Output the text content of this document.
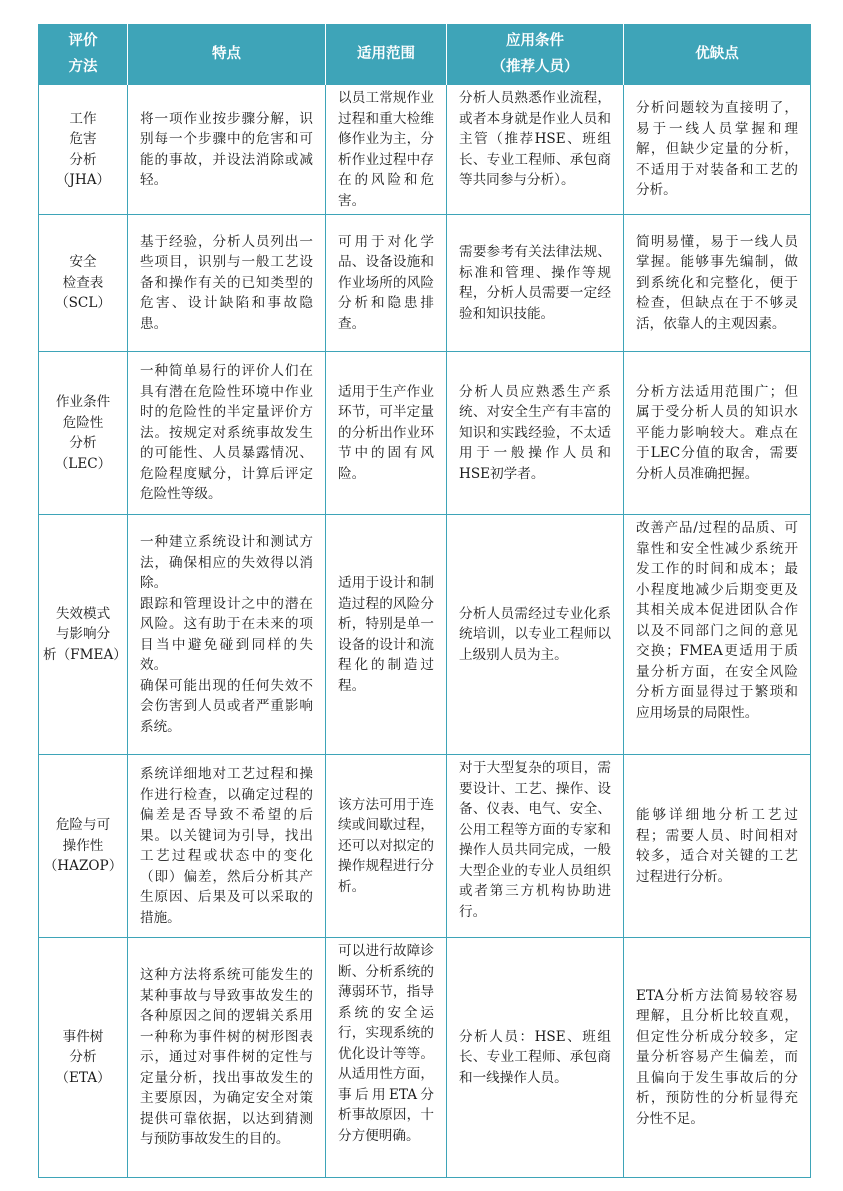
评价
方法	特点	适用范围	应用条件
（推荐人员）	优缺点

工作
危害
分析
（JHA）	将一项作业按步骤分解，识别每一个步骤中的危害和可能的事故，并设法消除或减轻。	以员工常规作业过程和重大检维修作业为主，分析作业过程中存在的风险和危害。	分析人员熟悉作业流程，或者本身就是作业人员和主管（推荐HSE、班组长、专业工程师、承包商等共同参与分析）。	分析问题较为直接明了，易于一线人员掌握和理解，但缺少定量的分析，不适用于对装备和工艺的分析。

安全
检查表
（SCL）	基于经验，分析人员列出一些项目，识别与一般工艺设备和操作有关的已知类型的危害、设计缺陷和事故隐患。	可用于对化学品、设备设施和作业场所的风险分析和隐患排查。	需要参考有关法律法规、标准和管理、操作等规程，分析人员需要一定经验和知识技能。	简明易懂，易于一线人员掌握。能够事先编制，做到系统化和完整化，便于检查，但缺点在于不够灵活，依靠人的主观因素。

作业条件
危险性
分析
（LEC）	一种简单易行的评价人们在具有潜在危险性环境中作业时的危险性的半定量评价方法。按规定对系统事故发生的可能性、人员暴露情况、危险程度赋分，计算后评定危险性等级。	适用于生产作业环节，可半定量的分析出作业环节中的固有风险。	分析人员应熟悉生产系统、对安全生产有丰富的知识和实践经验，不太适用于一般操作人员和HSE初学者。	分析方法适用范围广；但属于受分析人员的知识水平能力影响较大。难点在于LEC分值的取舍，需要分析人员准确把握。

失效模式
与影响分
析（FMEA）	一种建立系统设计和测试方法，确保相应的失效得以消除。
跟踪和管理设计之中的潜在风险。这有助于在未来的项目当中避免碰到同样的失效。
确保可能出现的任何失效不会伤害到人员或者严重影响系统。	适用于设计和制造过程的风险分析，特别是单一设备的设计和流程化的制造过程。	分析人员需经过专业化系统培训，以专业工程师以上级别人员为主。	改善产品/过程的品质、可靠性和安全性减少系统开发工作的时间和成本；最小程度地减少后期变更及其相关成本促进团队合作以及不同部门之间的意见交换；FMEA更适用于质量分析方面，在安全风险分析方面显得过于繁琐和应用场景的局限性。

危险与可
操作性
（HAZOP）	系统详细地对工艺过程和操作进行检查，以确定过程的偏差是否导致不希望的后果。以关键词为引导，找出工艺过程或状态中的变化（即）偏差，然后分析其产生原因、后果及可以采取的措施。	该方法可用于连续或间歇过程，还可以对拟定的操作规程进行分析。	对于大型复杂的项目，需要设计、工艺、操作、设备、仪表、电气、安全、公用工程等方面的专家和操作人员共同完成，一般大型企业的专业人员组织或者第三方机构协助进行。	能够详细地分析工艺过程；需要人员、时间相对较多，适合对关键的工艺过程进行分析。

事件树
分析
（ETA）	这种方法将系统可能发生的某种事故与导致事故发生的各种原因之间的逻辑关系用一种称为事件树的树形图表示，通过对事件树的定性与定量分析，找出事故发生的主要原因，为确定安全对策提供可靠依据，以达到猜测与预防事故发生的目的。	可以进行故障诊断、分析系统的薄弱环节，指导系统的安全运行，实现系统的优化设计等等。从适用性方面，事后用ETA分析事故原因，十分方便明确。	分析人员：HSE、班组长、专业工程师、承包商和一线操作人员。	ETA分析方法简易较容易理解，且分析比较直观，但定性分析成分较多，定量分析容易产生偏差，而且偏向于发生事故后的分析，预防性的分析显得充分性不足。
